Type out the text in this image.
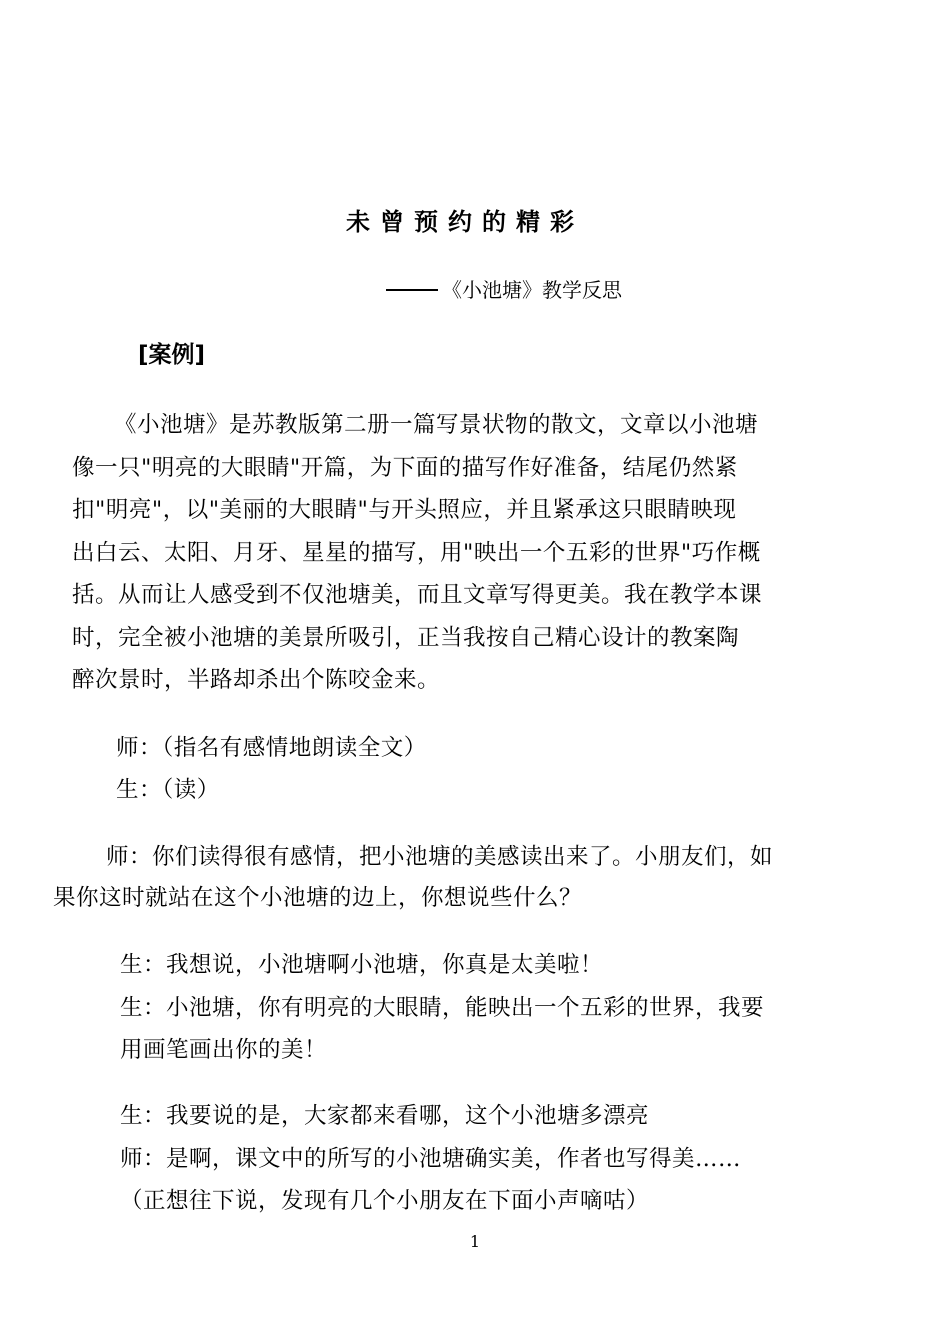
未曾预约的精彩
《小池塘》教学反思
[案例]
《小池塘》是苏教版第二册一篇写景状物的散文，文章以小池塘
像一只"明亮的大眼睛"开篇，为下面的描写作好准备，结尾仍然紧
扣"明亮"，以"美丽的大眼睛"与开头照应，并且紧承这只眼睛映现
出白云、太阳、月牙、星星的描写，用"映出一个五彩的世界"巧作概
括。从而让人感受到不仅池塘美，而且文章写得更美。我在教学本课
时，完全被小池塘的美景所吸引，正当我按自己精心设计的教案陶
醉次景时，半路却杀出个陈咬金来。
师：（指名有感情地朗读全文）
生：（读）
师：你们读得很有感情，把小池塘的美感读出来了。小朋友们，如
果你这时就站在这个小池塘的边上，你想说些什么？
生：我想说，小池塘啊小池塘，你真是太美啦！
生：小池塘，你有明亮的大眼睛，能映出一个五彩的世界，我要
用画笔画出你的美！
生：我要说的是，大家都来看哪，这个小池塘多漂亮
师：是啊，课文中的所写的小池塘确实美，作者也写得美……
（正想往下说，发现有几个小朋友在下面小声嘀咕）
1
